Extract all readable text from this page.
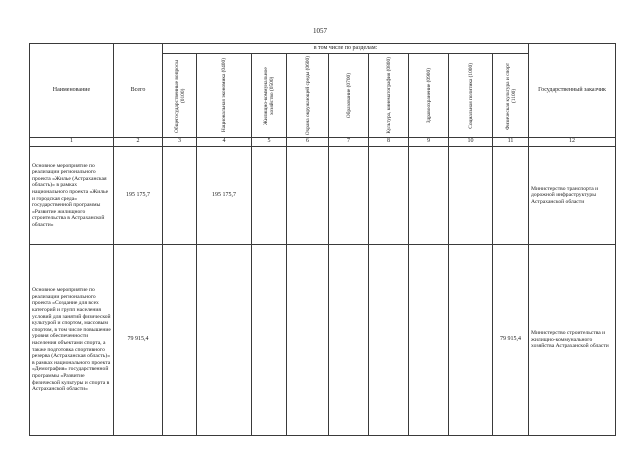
1057
Наименование	Всего	в том числе по разделам:									Государственный заказчик

		Общегосударственные вопросы (0100)	Национальная экономика (0400)	Жилищно-коммунальное хозяйство (0500)	Охрана окружающей среды (0600)	Образование (0700)	Культура, кинематография (0800)	Здравоохранение (0900)	Социальная политика (1000)	Физическая культура и спорт (1100)	

1	2	3	4	5	6	7	8	9	10	11	12
Основное мероприятие по реализации регионального проекта «Жилье (Астраханская область)» в рамках национального проекта «Жилье и городская среда» государственной программы «Развитие жилищного строительства в Астраханской области»	195 175,7		195 175,7								Министерство транспорта и дорожной инфраструктуры Астраханской области
Основное мероприятие по реализации регионального проекта «Создание для всех категорий и групп населения условий для занятий физической культурой и спортом, массовым спортом, в том числе повышение уровня обеспеченности населения объектами спорта, а также подготовка спортивного резерва (Астраханская область)» в рамках национального проекта «Демография» государственной программы «Развитие физической культуры и спорта в Астраханской области»	79 915,4									79 915,4	Министерство строительства и жилищно-коммунального хозяйства Астраханской области
